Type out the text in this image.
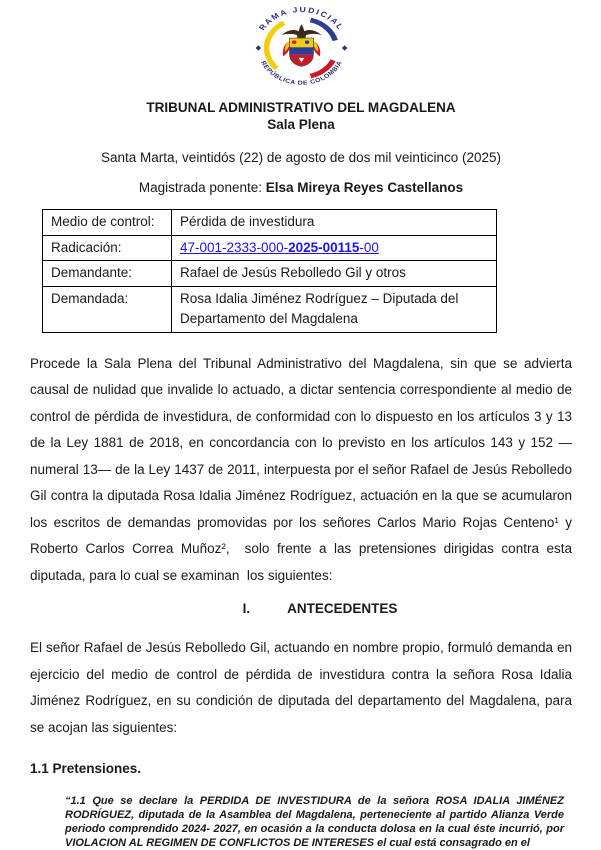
RAMA JUDICIAL
REPÚBLICA DE COLOMBIA
TRIBUNAL ADMINISTRATIVO DEL MAGDALENA
Sala Plena
Santa Marta, veintidós (22) de agosto de dos mil veinticinco (2025)
Magistrada ponente: Elsa Mireya Reyes Castellanos
Medio de control:	Pérdida de investidura
Radicación:	47-001-2333-000-2025-00115-00
Demandante:	Rafael de Jesús Rebolledo Gil y otros
Demandada:	Rosa Idalia Jiménez Rodríguez – Diputada del Departamento del Magdalena

Procede la Sala Plena del Tribunal Administrativo del Magdalena, sin que se advierta causal de nulidad que invalide lo actuado, a dictar sentencia correspondiente al medio de control de pérdida de investidura, de conformidad con lo dispuesto en los artículos 3 y 13 de la Ley 1881 de 2018, en concordancia con lo previsto en los artículos 143 y 152 —numeral 13— de la Ley 1437 de 2011, interpuesta por el señor Rafael de Jesús Rebolledo Gil contra la diputada Rosa Idalia Jiménez Rodríguez, actuación en la que se acumularon los escritos de demandas promovidas por los señores Carlos Mario Rojas Centeno¹ y Roberto Carlos Correa Muñoz²,  solo frente a las pretensiones dirigidas contra esta diputada, para lo cual se examinan  los siguientes:

I.	ANTECEDENTES

El señor Rafael de Jesús Rebolledo Gil, actuando en nombre propio, formuló demanda en ejercicio del medio de control de pérdida de investidura contra la señora Rosa Idalia Jiménez Rodríguez, en su condición de diputada del departamento del Magdalena, para se acojan las siguientes:

1.1 Pretensiones.
“1.1 Que se declare la PERDIDA DE INVESTIDURA de la señora ROSA IDALIA JIMÉNEZ RODRÍGUEZ, diputada de la Asamblea del Magdalena, perteneciente al partido Alianza Verde periodo comprendido 2024- 2027, en ocasión a la conducta dolosa en la cual éste incurrió, por VIOLACION AL REGIMEN DE CONFLICTOS DE INTERESES el cual está consagrado en el
